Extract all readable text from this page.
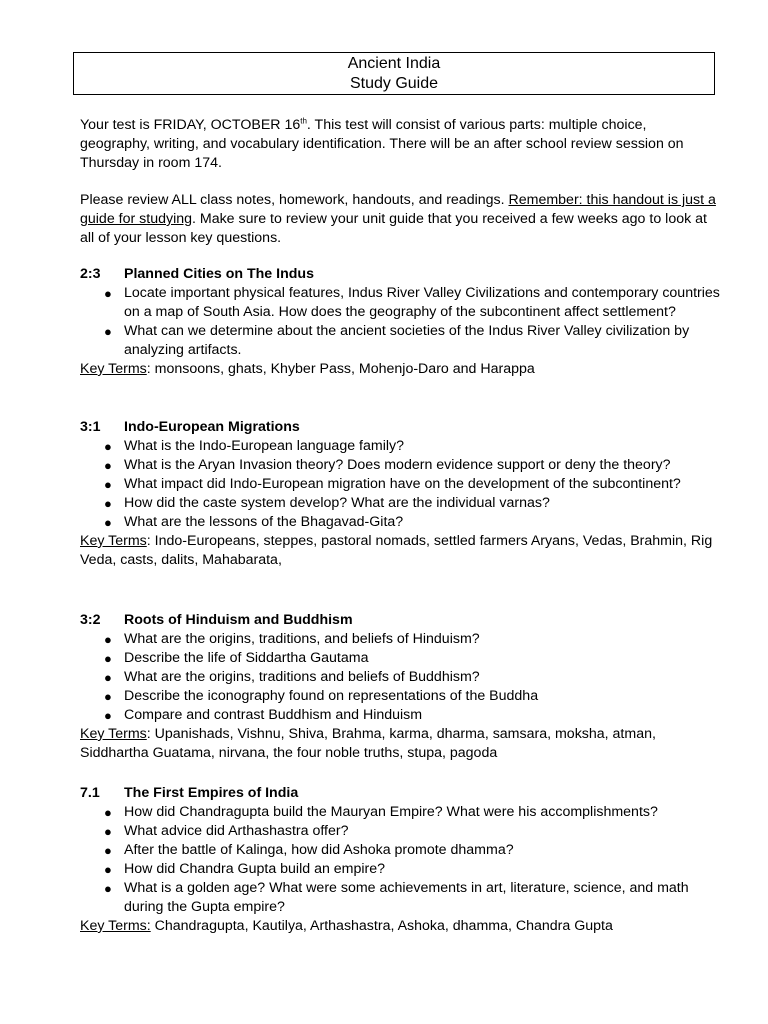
Ancient India
Study Guide
Your test is FRIDAY, OCTOBER 16th. This test will consist of various parts: multiple choice, geography, writing, and vocabulary identification. There will be an after school review session on Thursday in room 174.
Please review ALL class notes, homework, handouts, and readings. Remember: this handout is just a guide for studying. Make sure to review your unit guide that you received a few weeks ago to look at all of your lesson key questions.
2:3 Planned Cities on The Indus
● Locate important physical features, Indus River Valley Civilizations and contemporary countries on a map of South Asia. How does the geography of the subcontinent affect settlement?
● What can we determine about the ancient societies of the Indus River Valley civilization by analyzing artifacts.
Key Terms: monsoons, ghats, Khyber Pass, Mohenjo-Daro and Harappa
3:1 Indo-European Migrations
● What is the Indo-European language family?
● What is the Aryan Invasion theory? Does modern evidence support or deny the theory?
● What impact did Indo-European migration have on the development of the subcontinent?
● How did the caste system develop? What are the individual varnas?
● What are the lessons of the Bhagavad-Gita?
Key Terms: Indo-Europeans, steppes, pastoral nomads, settled farmers Aryans, Vedas, Brahmin, Rig Veda, casts, dalits, Mahabarata,
3:2 Roots of Hinduism and Buddhism
● What are the origins, traditions, and beliefs of Hinduism?
● Describe the life of Siddartha Gautama
● What are the origins, traditions and beliefs of Buddhism?
● Describe the iconography found on representations of the Buddha
● Compare and contrast Buddhism and Hinduism
Key Terms: Upanishads, Vishnu, Shiva, Brahma, karma, dharma, samsara, moksha, atman, Siddhartha Guatama, nirvana, the four noble truths, stupa, pagoda
7.1 The First Empires of India
● How did Chandragupta build the Mauryan Empire? What were his accomplishments?
● What advice did Arthashastra offer?
● After the battle of Kalinga, how did Ashoka promote dhamma?
● How did Chandra Gupta build an empire?
● What is a golden age? What were some achievements in art, literature, science, and math during the Gupta empire?
Key Terms: Chandragupta, Kautilya, Arthashastra, Ashoka, dhamma, Chandra Gupta
